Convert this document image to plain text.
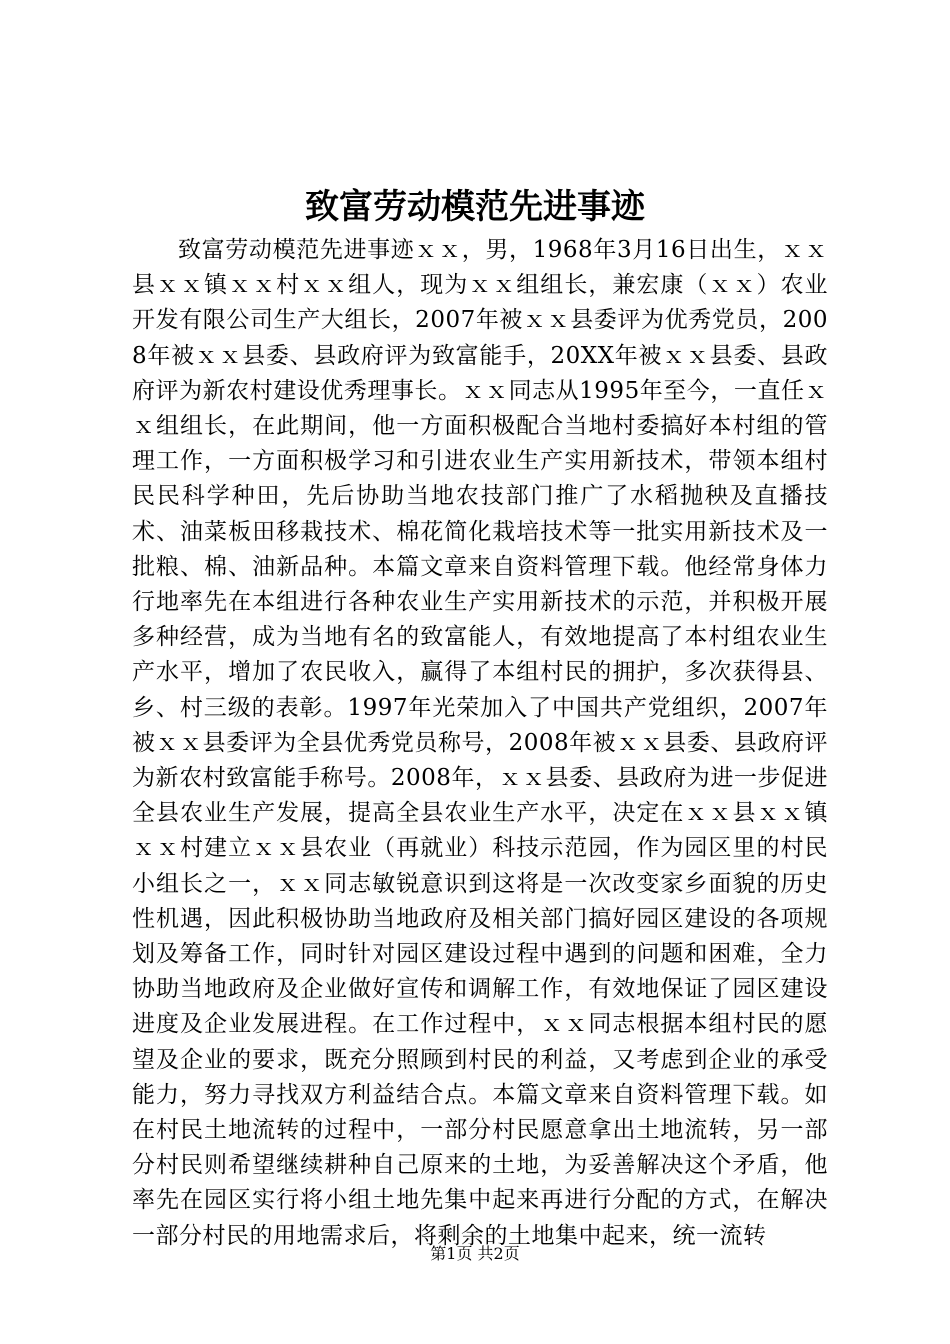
致富劳动模范先进事迹

致富劳动模范先进事迹ｘｘ，男，1968年3月16日出生，ｘｘ县ｘｘ镇ｘｘ村ｘｘ组人，现为ｘｘ组组长，兼宏康（ｘｘ）农业开发有限公司生产大组长，2007年被ｘｘ县委评为优秀党员，2008年被ｘｘ县委、县政府评为致富能手，20XX年被ｘｘ县委、县政府评为新农村建设优秀理事长。ｘｘ同志从1995年至今，一直任ｘｘ组组长，在此期间，他一方面积极配合当地村委搞好本村组的管理工作，一方面积极学习和引进农业生产实用新技术，带领本组村民民科学种田，先后协助当地农技部门推广了水稻抛秧及直播技术、油菜板田移栽技术、棉花简化栽培技术等一批实用新技术及一批粮、棉、油新品种。本篇文章来自资料管理下载。他经常身体力行地率先在本组进行各种农业生产实用新技术的示范，并积极开展多种经营，成为当地有名的致富能人，有效地提高了本村组农业生产水平，增加了农民收入，赢得了本组村民的拥护，多次获得县、乡、村三级的表彰。1997年光荣加入了中国共产党组织，2007年被ｘｘ县委评为全县优秀党员称号，2008年被ｘｘ县委、县政府评为新农村致富能手称号。2008年，ｘｘ县委、县政府为进一步促进全县农业生产发展，提高全县农业生产水平，决定在ｘｘ县ｘｘ镇ｘｘ村建立ｘｘ县农业（再就业）科技示范园，作为园区里的村民小组长之一，ｘｘ同志敏锐意识到这将是一次改变家乡面貌的历史性机遇，因此积极协助当地政府及相关部门搞好园区建设的各项规划及筹备工作，同时针对园区建设过程中遇到的问题和困难，全力协助当地政府及企业做好宣传和调解工作，有效地保证了园区建设进度及企业发展进程。在工作过程中，ｘｘ同志根据本组村民的愿望及企业的要求，既充分照顾到村民的利益，又考虑到企业的承受能力，努力寻找双方利益结合点。本篇文章来自资料管理下载。如在村民土地流转的过程中，一部分村民愿意拿出土地流转，另一部分村民则希望继续耕种自己原来的土地，为妥善解决这个矛盾，他率先在园区实行将小组土地先集中起来再进行分配的方式，在解决一部分村民的用地需求后，将剩余的土地集中起来，统一流转

第1页 共2页
